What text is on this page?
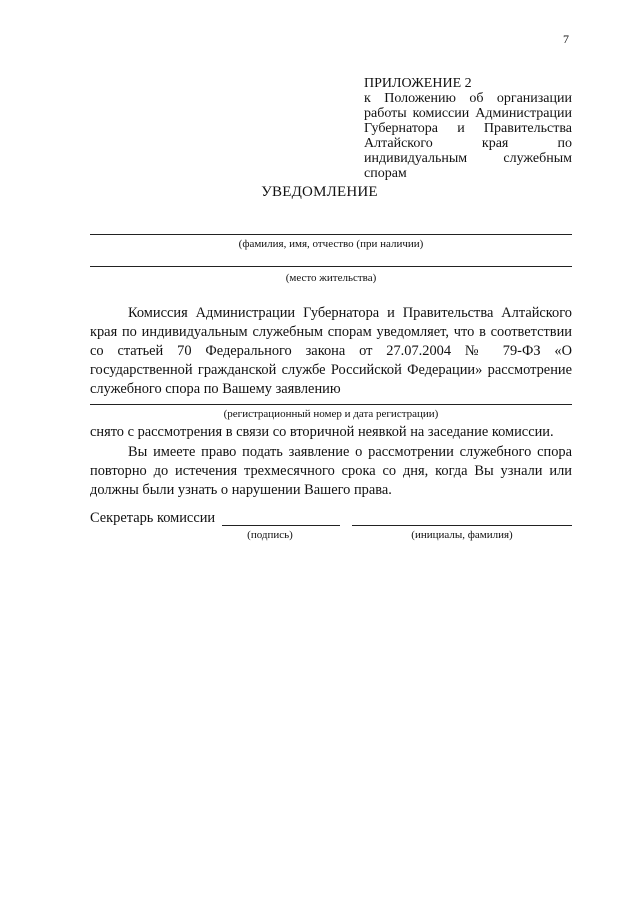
7
ПРИЛОЖЕНИЕ 2
к Положению об организации работы комиссии Администрации Губернатора и Правительства Алтайского края по индивидуальным служебным спорам
УВЕДОМЛЕНИЕ
(фамилия, имя, отчество (при наличии)
(место жительства)
Комиссия Администрации Губернатора и Правительства Алтайского края по индивидуальным служебным спорам уведомляет, что в соответствии со статьей 70 Федерального закона от 27.07.2004 № 79-ФЗ «О государственной гражданской службе Российской Федерации» рассмотрение служебного спора по Вашему заявлению
(регистрационный номер и дата регистрации)
снято с рассмотрения в связи со вторичной неявкой на заседание комиссии.
Вы имеете право подать заявление о рассмотрении служебного спора повторно до истечения трехмесячного срока со дня, когда Вы узнали или должны были узнать о нарушении Вашего права.
Секретарь комиссии
(подпись)	(инициалы, фамилия)
